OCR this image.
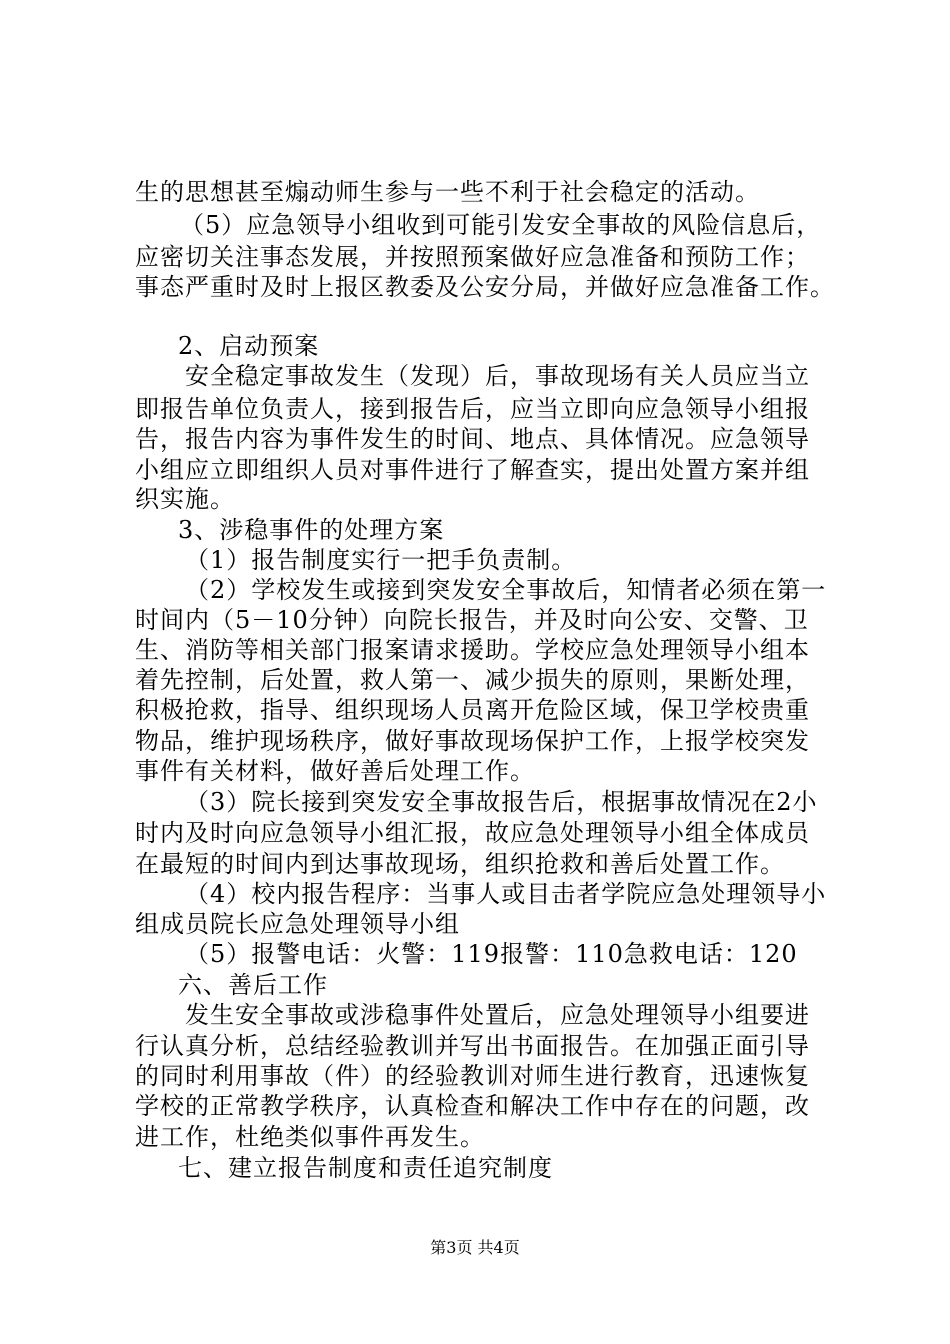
生的思想甚至煽动师生参与一些不利于社会稳定的活动。
（5）应急领导小组收到可能引发安全事故的风险信息后，
应密切关注事态发展，并按照预案做好应急准备和预防工作；
事态严重时及时上报区教委及公安分局，并做好应急准备工作。
2、启动预案
安全稳定事故发生（发现）后，事故现场有关人员应当立
即报告单位负责人，接到报告后，应当立即向应急领导小组报
告，报告内容为事件发生的时间、地点、具体情况。应急领导
小组应立即组织人员对事件进行了解查实，提出处置方案并组
织实施。
3、涉稳事件的处理方案
（1）报告制度实行一把手负责制。
（2）学校发生或接到突发安全事故后，知情者必须在第一
时间内（5－10分钟）向院长报告，并及时向公安、交警、卫
生、消防等相关部门报案请求援助。学校应急处理领导小组本
着先控制，后处置，救人第一、减少损失的原则，果断处理，
积极抢救，指导、组织现场人员离开危险区域，保卫学校贵重
物品，维护现场秩序，做好事故现场保护工作，上报学校突发
事件有关材料，做好善后处理工作。
（3）院长接到突发安全事故报告后，根据事故情况在2小
时内及时向应急领导小组汇报，故应急处理领导小组全体成员
在最短的时间内到达事故现场，组织抢救和善后处置工作。
（4）校内报告程序：当事人或目击者学院应急处理领导小
组成员院长应急处理领导小组
（5）报警电话：火警：119报警：110急救电话：120
六、善后工作
发生安全事故或涉稳事件处置后，应急处理领导小组要进
行认真分析，总结经验教训并写出书面报告。在加强正面引导
的同时利用事故（件）的经验教训对师生进行教育，迅速恢复
学校的正常教学秩序，认真检查和解决工作中存在的问题，改
进工作，杜绝类似事件再发生。
七、建立报告制度和责任追究制度
第3页 共4页
